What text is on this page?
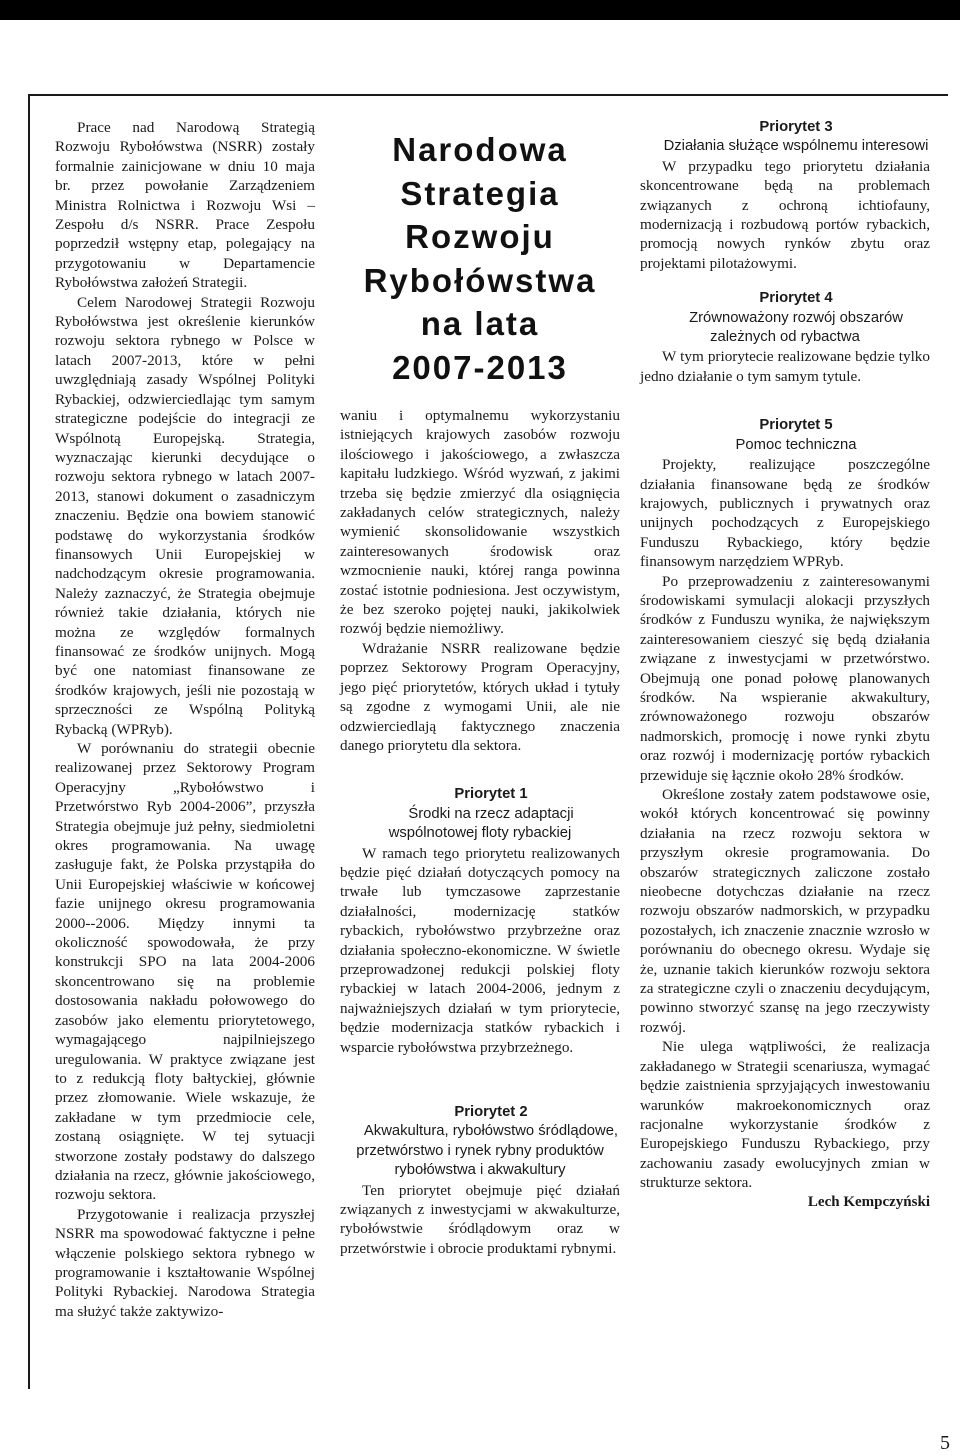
Prace nad Narodową Strategią Rozwoju Rybołówstwa (NSRR) zostały formalnie zainicjowane w dniu 10 maja br. przez powołanie Zarządzeniem Ministra Rolnictwa i Rozwoju Wsi – Zespołu d/s NSRR. Prace Zespołu poprzedził wstępny etap, polegający na przygotowaniu w Departamencie Rybołówstwa założeń Strategii.

Celem Narodowej Strategii Rozwoju Rybołówstwa jest określenie kierunków rozwoju sektora rybnego w Polsce w latach 2007-2013, które w pełni uwzględniają zasady Wspólnej Polityki Rybackiej, odzwierciedlając tym samym strategiczne podejście do integracji ze Wspólnotą Europejską. Strategia, wyznaczając kierunki decydujące o rozwoju sektora rybnego w latach 2007-2013, stanowi dokument o zasadniczym znaczeniu. Będzie ona bowiem stanowić podstawę do wykorzystania środków finansowych Unii Europejskiej w nadchodzącym okresie programowania. Należy zaznaczyć, że Strategia obejmuje również takie działania, których nie można ze względów formalnych finansować ze środków unijnych. Mogą być one natomiast finansowane ze środków krajowych, jeśli nie pozostają w sprzeczności ze Wspólną Polityką Rybacką (WPRyb).

W porównaniu do strategii obecnie realizowanej przez Sektorowy Program Operacyjny „Rybołówstwo i Przetwórstwo Ryb 2004-2006”, przyszła Strategia obejmuje już pełny, siedmioletni okres programowania. Na uwagę zasługuje fakt, że Polska przystąpiła do Unii Europejskiej właściwie w końcowej fazie unijnego okresu programowania 2000--2006. Między innymi ta okoliczność spowodowała, że przy konstrukcji SPO na lata 2004-2006 skoncentrowano się na problemie dostosowania nakładu połowowego do zasobów jako elementu priorytetowego, wymagającego najpilniejszego uregulowania. W praktyce związane jest to z redukcją floty bałtyckiej, głównie przez złomowanie. Wiele wskazuje, że zakładane w tym przedmiocie cele, zostaną osiągnięte. W tej sytuacji stworzone zostały podstawy do dalszego działania na rzecz, głównie jakościowego, rozwoju sektora.

Przygotowanie i realizacja przyszłej NSRR ma spowodować faktyczne i pełne włączenie polskiego sektora rybnego w programowanie i kształtowanie Wspólnej Polityki Rybackiej. Narodowa Strategia ma służyć także zaktywizo-

Narodowa
Strategia
Rozwoju
Rybołówstwa
na lata
2007-2013

waniu i optymalnemu wykorzystaniu istniejących krajowych zasobów rozwoju ilościowego i jakościowego, a zwłaszcza kapitału ludzkiego. Wśród wyzwań, z jakimi trzeba się będzie zmierzyć dla osiągnięcia zakładanych celów strategicznych, należy wymienić skonsolidowanie wszystkich zainteresowanych środowisk oraz wzmocnienie nauki, której ranga powinna zostać istotnie podniesiona. Jest oczywistym, że bez szeroko pojętej nauki, jakikolwiek rozwój będzie niemożliwy.

Wdrażanie NSRR realizowane będzie poprzez Sektorowy Program Operacyjny, jego pięć priorytetów, których układ i tytuły są zgodne z wymogami Unii, ale nie odzwierciedlają faktycznego znaczenia danego priorytetu dla sektora.

Priorytet 1

Środki na rzecz adaptacji wspólnotowej floty rybackiej

W ramach tego priorytetu realizowanych będzie pięć działań dotyczących pomocy na trwałe lub tymczasowe zaprzestanie działalności, modernizację statków rybackich, rybołówstwo przybrzeżne oraz działania społeczno-ekonomiczne. W świetle przeprowadzonej redukcji polskiej floty rybackiej w latach 2004-2006, jednym z najważniejszych działań w tym priorytecie, będzie modernizacja statków rybackich i wsparcie rybołówstwa przybrzeżnego.

Priorytet 2

Akwakultura, rybołówstwo śródlądowe, przetwórstwo i rynek rybny produktów rybołówstwa i akwakultury

Ten priorytet obejmuje pięć działań związanych z inwestycjami w akwakulturze, rybołówstwie śródlądowym oraz w przetwórstwie i obrocie produktami rybnymi.

Priorytet 3

Działania służące wspólnemu interesowi

W przypadku tego priorytetu działania skoncentrowane będą na problemach związanych z ochroną ichtiofauny, modernizacją i rozbudową portów rybackich, promocją nowych rynków zbytu oraz projektami pilotażowymi.

Priorytet 4

Zrównoważony rozwój obszarów zależnych od rybactwa

W tym priorytecie realizowane będzie tylko jedno działanie o tym samym tytule.

Priorytet 5

Pomoc techniczna

Projekty, realizujące poszczególne działania finansowane będą ze środków krajowych, publicznych i prywatnych oraz unijnych pochodzących z Europejskiego Funduszu Rybackiego, który będzie finansowym narzędziem WPRyb.

Po przeprowadzeniu z zainteresowanymi środowiskami symulacji alokacji przyszłych środków z Funduszu wynika, że największym zainteresowaniem cieszyć się będą działania związane z inwestycjami w przetwórstwo. Obejmują one ponad połowę planowanych środków. Na wspieranie akwakultury, zrównoważonego rozwoju obszarów nadmorskich, promocję i nowe rynki zbytu oraz rozwój i modernizację portów rybackich przewiduje się łącznie około 28% środków.

Określone zostały zatem podstawowe osie, wokół których koncentrować się powinny działania na rzecz rozwoju sektora w przyszłym okresie programowania. Do obszarów strategicznych zaliczone zostało nieobecne dotychczas działanie na rzecz rozwoju obszarów nadmorskich, w przypadku pozostałych, ich znaczenie znacznie wzrosło w porównaniu do obecnego okresu. Wydaje się że, uznanie takich kierunków rozwoju sektora za strategiczne czyli o znaczeniu decydującym, powinno stworzyć szansę na jego rzeczywisty rozwój.

Nie ulega wątpliwości, że realizacja zakładanego w Strategii scenariusza, wymagać będzie zaistnienia sprzyjających inwestowaniu warunków makroekonomicznych oraz racjonalne wykorzystanie środków z Europejskiego Funduszu Rybackiego, przy zachowaniu zasady ewolucyjnych zmian w strukturze sektora.

Lech Kempczyński

5
